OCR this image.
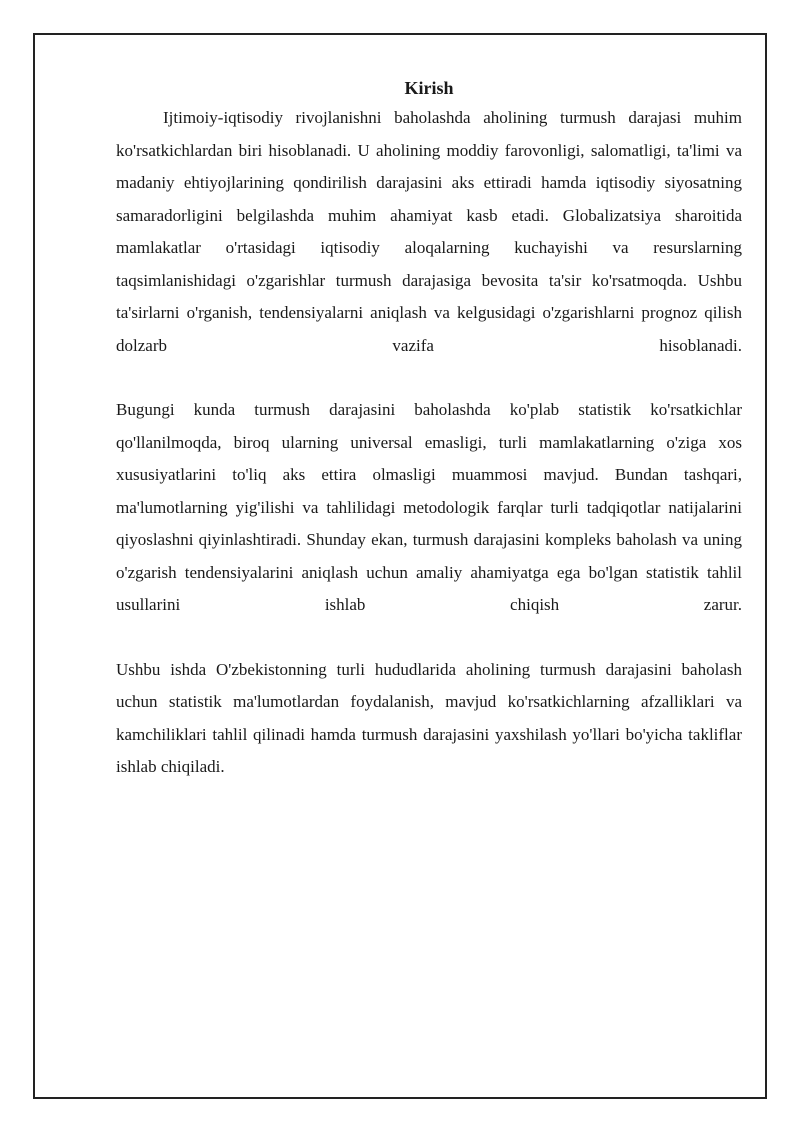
Kirish

Ijtimoiy-iqtisodiy rivojlanishni baholashda aholining turmush darajasi muhim ko'rsatkichlardan biri hisoblanadi. U aholining moddiy farovonligi, salomatligi, ta'limi va madaniy ehtiyojlarining qondirilish darajasini aks ettiradi hamda iqtisodiy siyosatning samaradorligini belgilashda muhim ahamiyat kasb etadi. Globalizatsiya sharoitida mamlakatlar o'rtasidagi iqtisodiy aloqalarning kuchayishi va resurslarning taqsimlanishidagi o'zgarishlar turmush darajasiga bevosita ta'sir ko'rsatmoqda. Ushbu ta'sirlarni o'rganish, tendensiyalarni aniqlash va kelgusidagi o'zgarishlarni prognoz qilish dolzarb vazifa hisoblanadi.

Bugungi kunda turmush darajasini baholashda ko'plab statistik ko'rsatkichlar qo'llanilmoqda, biroq ularning universal emasligi, turli mamlakatlarning o'ziga xos xususiyatlarini to'liq aks ettira olmasligi muammosi mavjud. Bundan tashqari, ma'lumotlarning yig'ilishi va tahlilidagi metodologik farqlar turli tadqiqotlar natijalarini qiyoslashni qiyinlashtiradi. Shunday ekan, turmush darajasini kompleks baholash va uning o'zgarish tendensiyalarini aniqlash uchun amaliy ahamiyatga ega bo'lgan statistik tahlil usullarini ishlab chiqish zarur.

Ushbu ishda O'zbekistonning turli hududlarida aholining turmush darajasini baholash uchun statistik ma'lumotlardan foydalanish, mavjud ko'rsatkichlarning afzalliklari va kamchiliklari tahlil qilinadi hamda turmush darajasini yaxshilash yo'llari bo'yicha takliflar ishlab chiqiladi.
